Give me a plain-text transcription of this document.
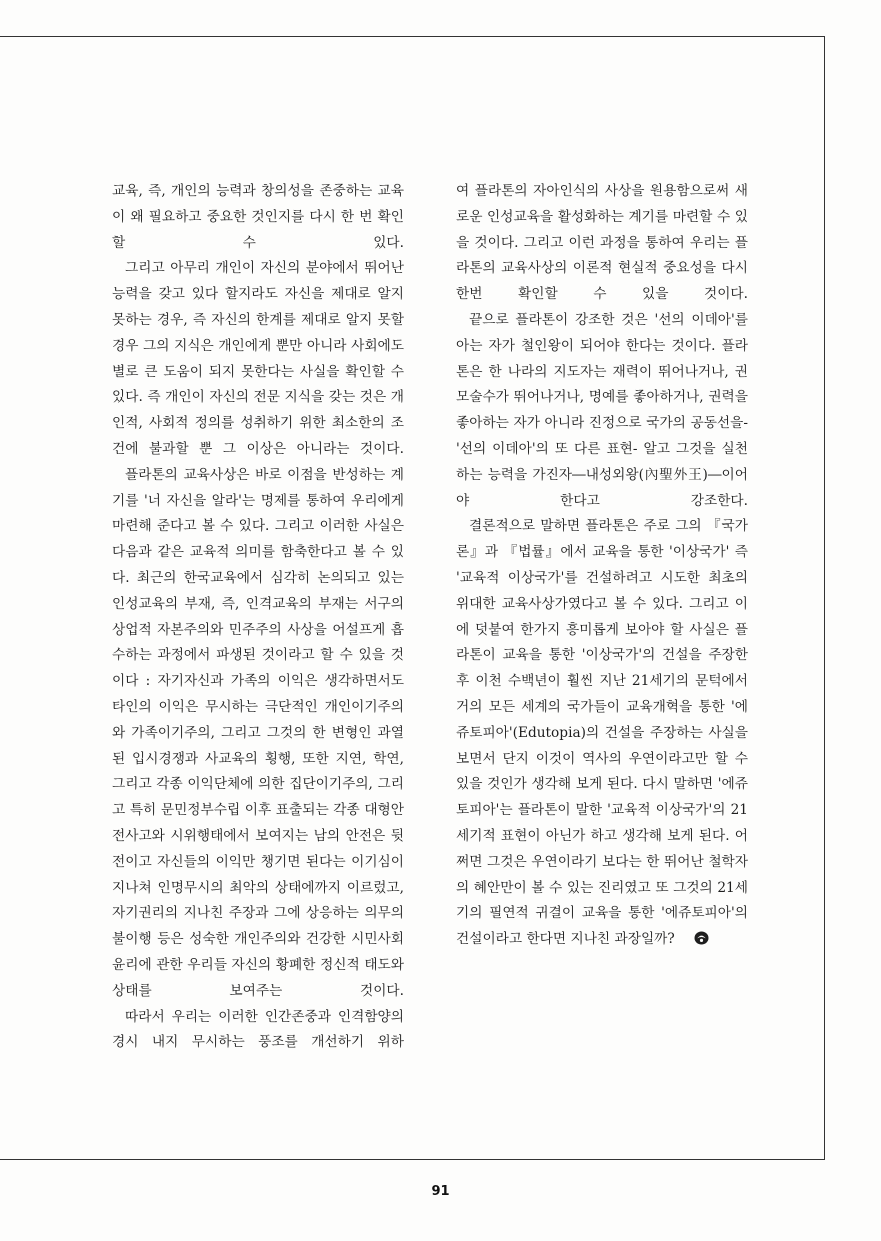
교육, 즉, 개인의 능력과 창의성을 존중하는 교육이 왜 필요하고 중요한 것인지를 다시 한 번 확인할 수 있다.

그리고 아무리 개인이 자신의 분야에서 뛰어난 능력을 갖고 있다 할지라도 자신을 제대로 알지 못하는 경우, 즉 자신의 한계를 제대로 알지 못할 경우 그의 지식은 개인에게 뿐만 아니라 사회에도 별로 큰 도움이 되지 못한다는 사실을 확인할 수 있다. 즉 개인이 자신의 전문 지식을 갖는 것은 개인적, 사회적 정의를 성취하기 위한 최소한의 조건에 불과할 뿐 그 이상은 아니라는 것이다.

플라톤의 교육사상은 바로 이점을 반성하는 계기를 '너 자신을 알라'는 명제를 통하여 우리에게 마련해 준다고 볼 수 있다. 그리고 이러한 사실은 다음과 같은 교육적 의미를 함축한다고 볼 수 있다. 최근의 한국교육에서 심각히 논의되고 있는 인성교육의 부재, 즉, 인격교육의 부재는 서구의 상업적 자본주의와 민주주의 사상을 어설프게 흡수하는 과정에서 파생된 것이라고 할 수 있을 것이다 : 자기자신과 가족의 이익은 생각하면서도 타인의 이익은 무시하는 극단적인 개인이기주의와 가족이기주의, 그리고 그것의 한 변형인 과열된 입시경쟁과 사교육의 횡행, 또한 지연, 학연, 그리고 각종 이익단체에 의한 집단이기주의, 그리고 특히 문민정부수립 이후 표출되는 각종 대형안전사고와 시위행태에서 보여지는 남의 안전은 뒷전이고 자신들의 이익만 챙기면 된다는 이기심이 지나쳐 인명무시의 최악의 상태에까지 이르렀고, 자기권리의 지나친 주장과 그에 상응하는 의무의 불이행 등은 성숙한 개인주의와 건강한 시민사회 윤리에 관한 우리들 자신의 황폐한 정신적 태도와 상태를 보여주는 것이다.

따라서 우리는 이러한 인간존중과 인격함양의 경시 내지 무시하는 풍조를 개선하기 위하

여 플라톤의 자아인식의 사상을 원용함으로써 새로운 인성교육을 활성화하는 계기를 마련할 수 있을 것이다. 그리고 이런 과정을 통하여 우리는 플라톤의 교육사상의 이론적 현실적 중요성을 다시한번 확인할 수 있을 것이다.

끝으로 플라톤이 강조한 것은 '선의 이데아'를 아는 자가 철인왕이 되어야 한다는 것이다. 플라톤은 한 나라의 지도자는 재력이 뛰어나거나, 권모술수가 뛰어나거나, 명예를 좋아하거나, 권력을 좋아하는 자가 아니라 진정으로 국가의 공동선을-'선의 이데아'의 또 다른 표현- 알고 그것을 실천하는 능력을 가진자―내성외왕(內聖外王)―이어야 한다고 강조한다.

결론적으로 말하면 플라톤은 주로 그의 『국가론』과 『법률』에서 교육을 통한 '이상국가' 즉 '교육적 이상국가'를 건설하려고 시도한 최초의 위대한 교육사상가였다고 볼 수 있다. 그리고 이에 덧붙여 한가지 흥미롭게 보아야 할 사실은 플라톤이 교육을 통한 '이상국가'의 건설을 주장한 후 이천 수백년이 훨씬 지난 21세기의 문턱에서 거의 모든 세계의 국가들이 교육개혁을 통한 '에쥬토피아'(Edutopia)의 건설을 주장하는 사실을 보면서 단지 이것이 역사의 우연이라고만 할 수 있을 것인가 생각해 보게 된다. 다시 말하면 '에쥬토피아'는 플라톤이 말한 '교육적 이상국가'의 21세기적 표현이 아닌가 하고 생각해 보게 된다. 어쩌면 그것은 우연이라기 보다는 한 뛰어난 철학자의 혜안만이 볼 수 있는 진리였고 또 그것의 21세기의 필연적 귀결이 교육을 통한 '에쥬토피아'의 건설이라고 한다면 지나친 과장일까?

91
